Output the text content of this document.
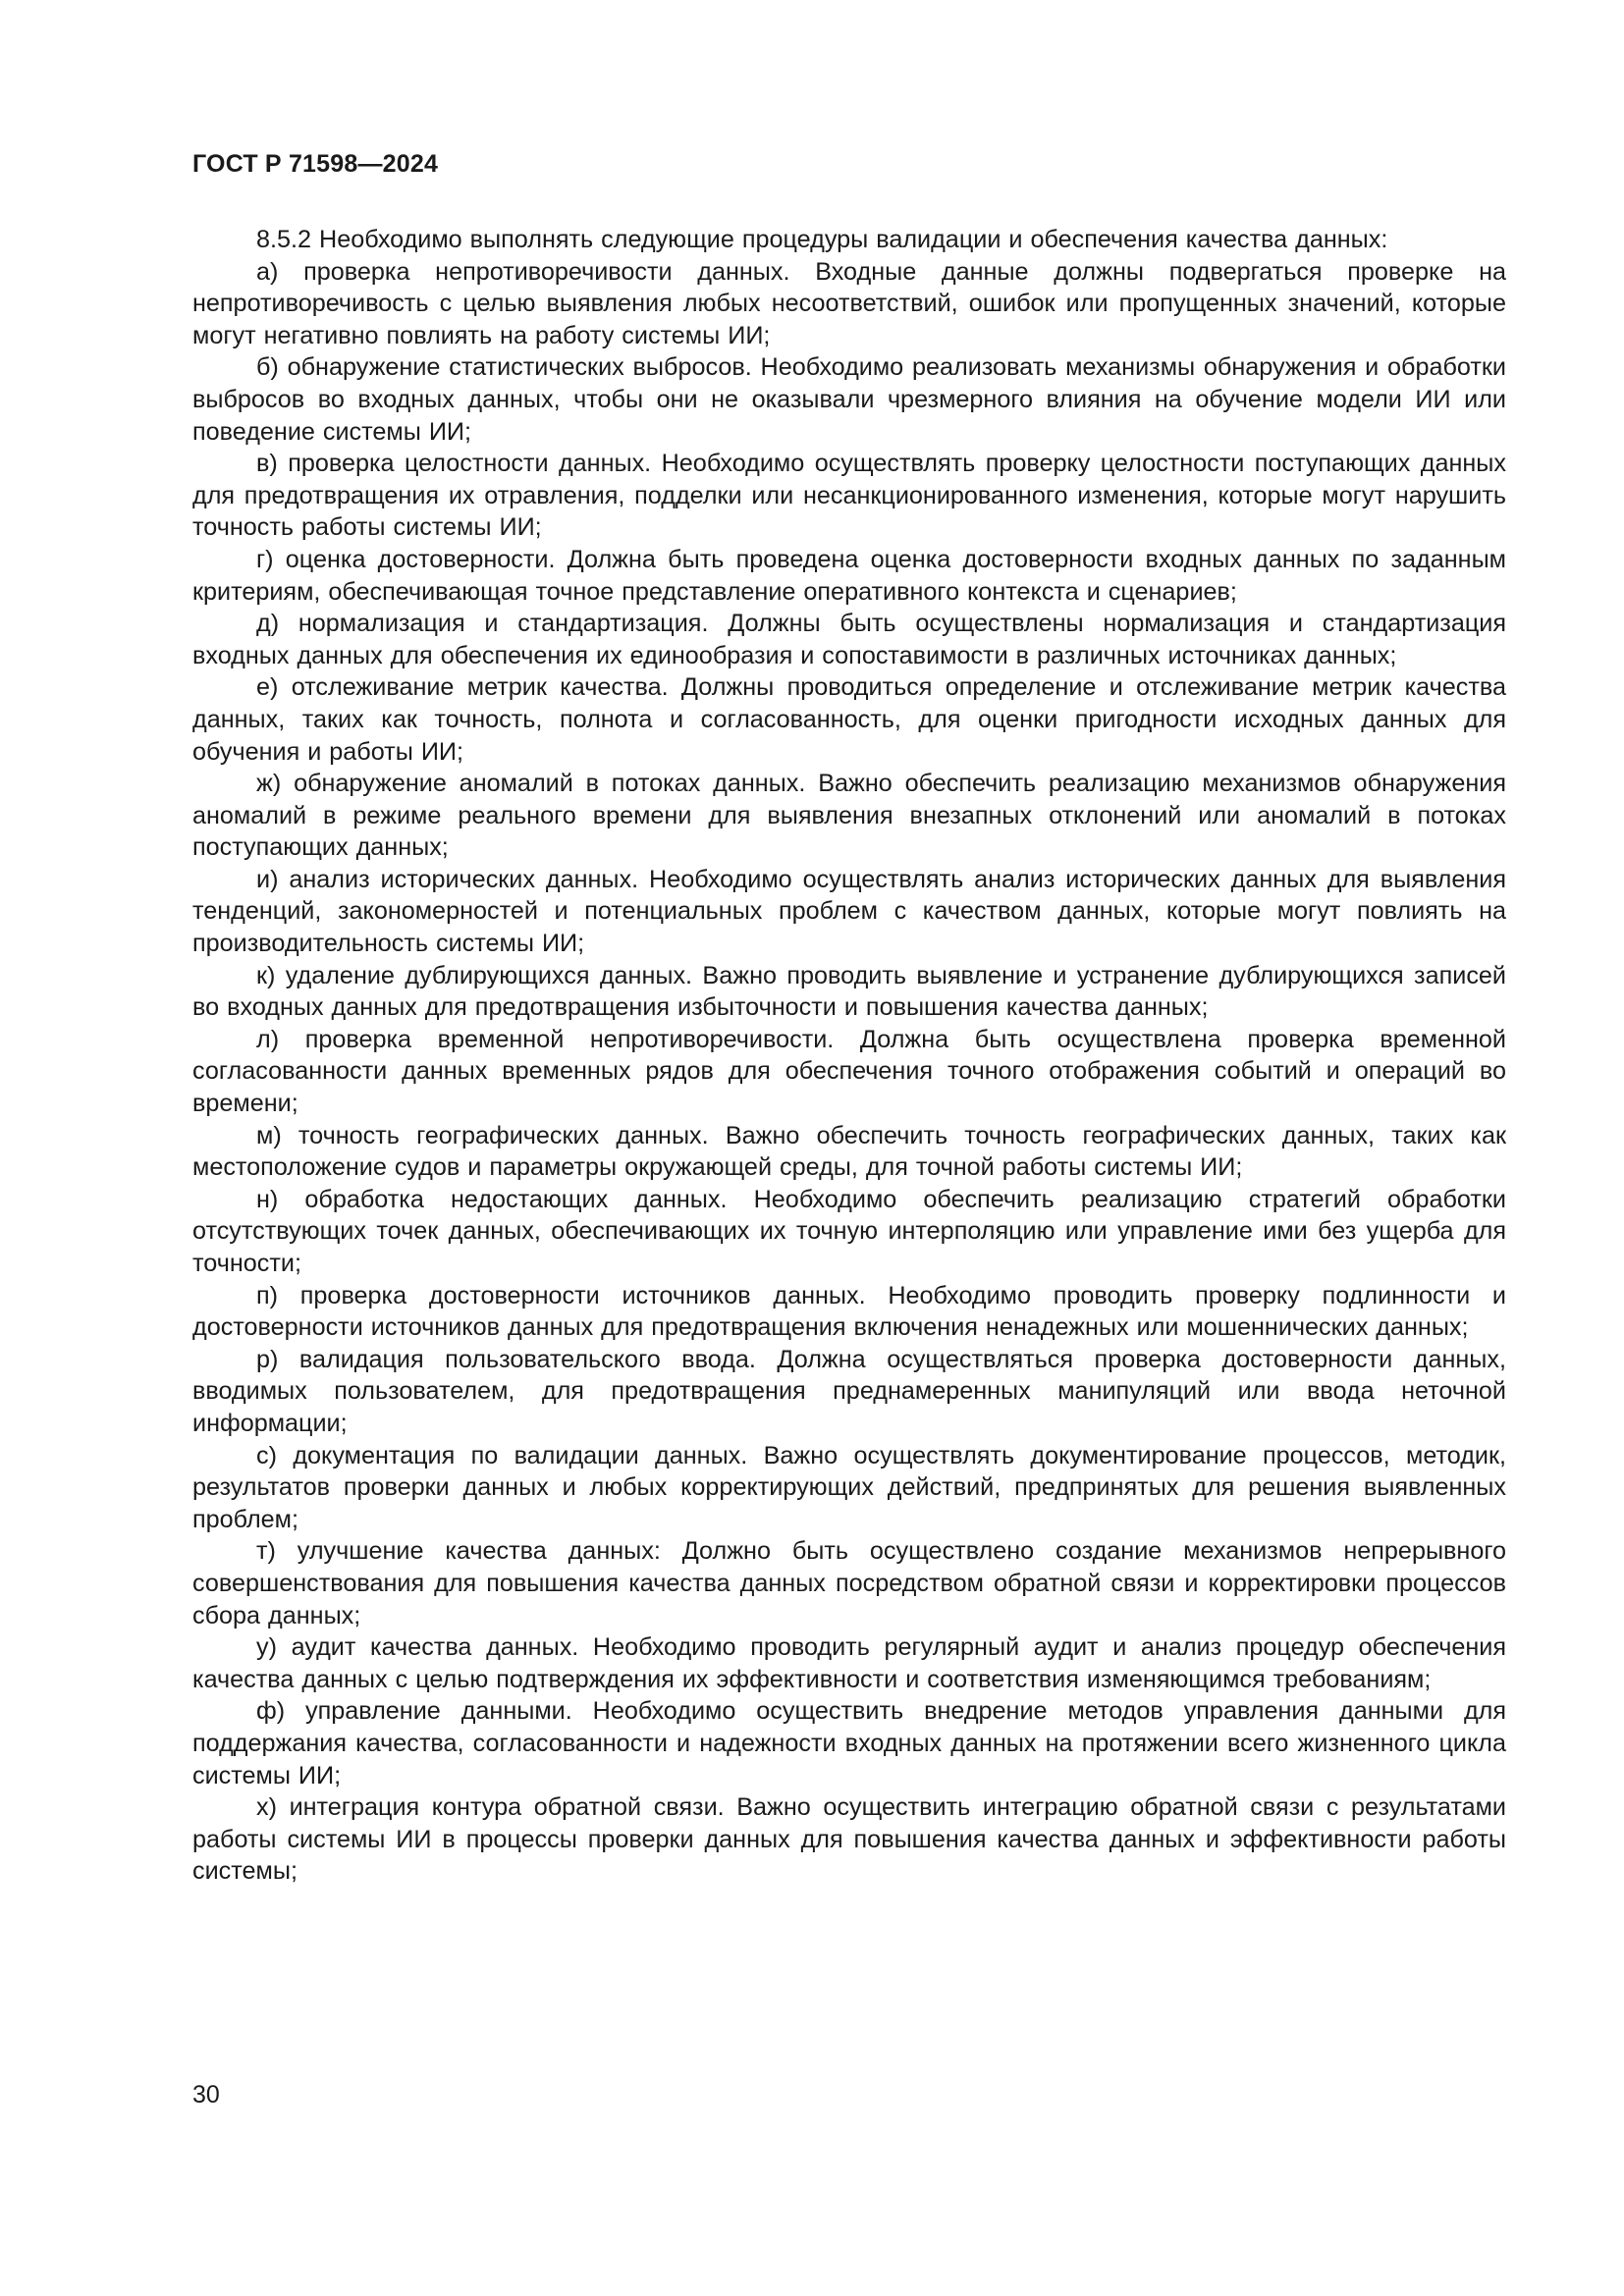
ГОСТ Р 71598—2024

8.5.2 Необходимо выполнять следующие процедуры валидации и обеспечения качества данных:

а) проверка непротиворечивости данных. Входные данные должны подвергаться проверке на непротиворечивость с целью выявления любых несоответствий, ошибок или пропущенных значений, которые могут негативно повлиять на работу системы ИИ;

б) обнаружение статистических выбросов. Необходимо реализовать механизмы обнаружения и обработки выбросов во входных данных, чтобы они не оказывали чрезмерного влияния на обучение модели ИИ или поведение системы ИИ;

в) проверка целостности данных. Необходимо осуществлять проверку целостности поступающих данных для предотвращения их отравления, подделки или несанкционированного изменения, которые могут нарушить точность работы системы ИИ;

г) оценка достоверности. Должна быть проведена оценка достоверности входных данных по заданным критериям, обеспечивающая точное представление оперативного контекста и сценариев;

д) нормализация и стандартизация. Должны быть осуществлены нормализация и стандартизация входных данных для обеспечения их единообразия и сопоставимости в различных источниках данных;

е) отслеживание метрик качества. Должны проводиться определение и отслеживание метрик качества данных, таких как точность, полнота и согласованность, для оценки пригодности исходных данных для обучения и работы ИИ;

ж) обнаружение аномалий в потоках данных. Важно обеспечить реализацию механизмов обнаружения аномалий в режиме реального времени для выявления внезапных отклонений или аномалий в потоках поступающих данных;

и) анализ исторических данных. Необходимо осуществлять анализ исторических данных для выявления тенденций, закономерностей и потенциальных проблем с качеством данных, которые могут повлиять на производительность системы ИИ;

к) удаление дублирующихся данных. Важно проводить выявление и устранение дублирующихся записей во входных данных для предотвращения избыточности и повышения качества данных;

л) проверка временной непротиворечивости. Должна быть осуществлена проверка временной согласованности данных временных рядов для обеспечения точного отображения событий и операций во времени;

м) точность географических данных. Важно обеспечить точность географических данных, таких как местоположение судов и параметры окружающей среды, для точной работы системы ИИ;

н) обработка недостающих данных. Необходимо обеспечить реализацию стратегий обработки отсутствующих точек данных, обеспечивающих их точную интерполяцию или управление ими без ущерба для точности;

п) проверка достоверности источников данных. Необходимо проводить проверку подлинности и достоверности источников данных для предотвращения включения ненадежных или мошеннических данных;

р) валидация пользовательского ввода. Должна осуществляться проверка достоверности данных, вводимых пользователем, для предотвращения преднамеренных манипуляций или ввода неточной информации;

с) документация по валидации данных. Важно осуществлять документирование процессов, методик, результатов проверки данных и любых корректирующих действий, предпринятых для решения выявленных проблем;

т) улучшение качества данных: Должно быть осуществлено создание механизмов непрерывного совершенствования для повышения качества данных посредством обратной связи и корректировки процессов сбора данных;

у) аудит качества данных. Необходимо проводить регулярный аудит и анализ процедур обеспечения качества данных с целью подтверждения их эффективности и соответствия изменяющимся требованиям;

ф) управление данными. Необходимо осуществить внедрение методов управления данными для поддержания качества, согласованности и надежности входных данных на протяжении всего жизненного цикла системы ИИ;

х) интеграция контура обратной связи. Важно осуществить интеграцию обратной связи с результатами работы системы ИИ в процессы проверки данных для повышения качества данных и эффективности работы системы;

30
